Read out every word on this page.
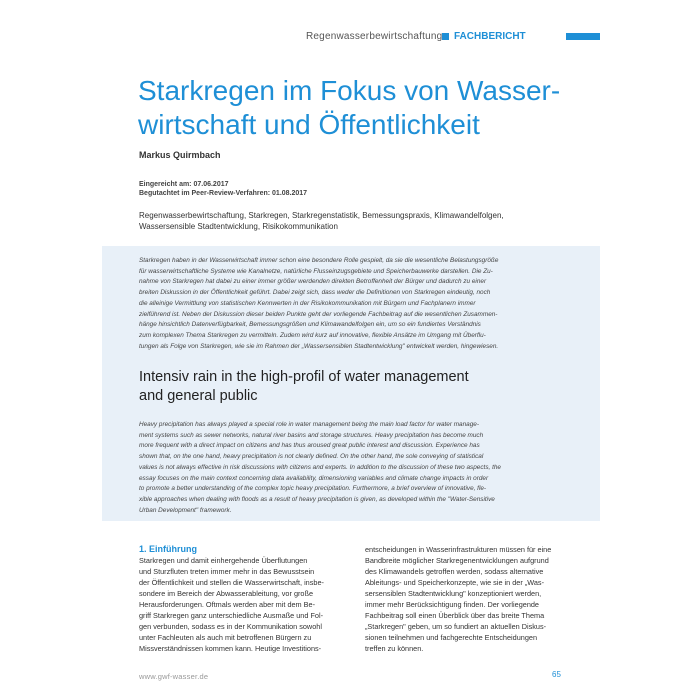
Regenwasserbewirtschaftung FACHBERICHT
Starkregen im Fokus von Wasser-
wirtschaft und Öffentlichkeit
Markus Quirmbach
Eingereicht am: 07.06.2017
Begutachtet im Peer-Review-Verfahren: 01.08.2017
Regenwasserbewirtschaftung, Starkregen, Starkregenstatistik, Bemessungspraxis, Klimawandelfolgen,
Wassersensible Stadtentwicklung, Risikokommunikation
Starkregen haben in der Wasserwirtschaft immer schon eine besondere Rolle gespielt, da sie die wesentliche Belastungsgröße
für wasserwirtschaftliche Systeme wie Kanalnetze, natürliche Flusseinzugsgebiete und Speicherbauwerke darstellen. Die Zu-
nahme von Starkregen hat dabei zu einer immer größer werdenden direkten Betroffenheit der Bürger und dadurch zu einer
breiten Diskussion in der Öffentlichkeit geführt. Dabei zeigt sich, dass weder die Definitionen von Starkregen eindeutig, noch
die alleinige Vermittlung von statistischen Kennwerten in der Risikokommunikation mit Bürgern und Fachplanern immer
zielführend ist. Neben der Diskussion dieser beiden Punkte geht der vorliegende Fachbeitrag auf die wesentlichen Zusammen-
hänge hinsichtlich Datenverfügbarkeit, Bemessungsgrößen und Klimawandelfolgen ein, um so ein fundiertes Verständnis
zum komplexen Thema Starkregen zu vermitteln. Zudem wird kurz auf innovative, flexible Ansätze im Umgang mit Überflu-
tungen als Folge von Starkregen, wie sie im Rahmen der „Wassersensiblen Stadtentwicklung" entwickelt werden, hingewiesen.
Intensiv rain in the high-profil of water management
and general public
Heavy precipitation has always played a special role in water management being the main load factor for water manage-
ment systems such as sewer networks, natural river basins and storage structures. Heavy precipitation has become much
more frequent with a direct impact on citizens and has thus aroused great public interest and discussion. Experience has
shown that, on the one hand, heavy precipitation is not clearly defined. On the other hand, the sole conveying of statistical
values is not always effective in risk discussions with citizens and experts. In addition to the discussion of these two aspects, the
essay focuses on the main context concerning data availability, dimensioning variables and climate change impacts in order
to promote a better understanding of the complex topic heavy precipitation. Furthermore, a brief overview of innovative, fle-
xible approaches when dealing with floods as a result of heavy precipitation is given, as developed within the "Water-Sensitive
Urban Development" framework.
1. Einführung
Starkregen und damit einhergehende Überflutungen
und Sturzfluten treten immer mehr in das Bewusstsein
der Öffentlichkeit und stellen die Wasserwirtschaft, insbe-
sondere im Bereich der Abwasserableitung, vor große
Herausforderungen. Oftmals werden aber mit dem Be-
griff Starkregen ganz unterschiedliche Ausmaße und Fol-
gen verbunden, sodass es in der Kommunikation sowohl
unter Fachleuten als auch mit betroffenen Bürgern zu
Missverständnissen kommen kann. Heutige Investitions-
entscheidungen in Wasserinfrastrukturen müssen für eine
Bandbreite möglicher Starkregenentwicklungen aufgrund
des Klimawandels getroffen werden, sodass alternative
Ableitungs- und Speicherkonzepte, wie sie in der „Was-
sersensiblen Stadtentwicklung" konzeptioniert werden,
immer mehr Berücksichtigung finden. Der vorliegende
Fachbeitrag soll einen Überblick über das breite Thema
„Starkregen" geben, um so fundiert an aktuellen Diskus-
sionen teilnehmen und fachgerechte Entscheidungen
treffen zu können.
www.gwf-wasser.de	65
